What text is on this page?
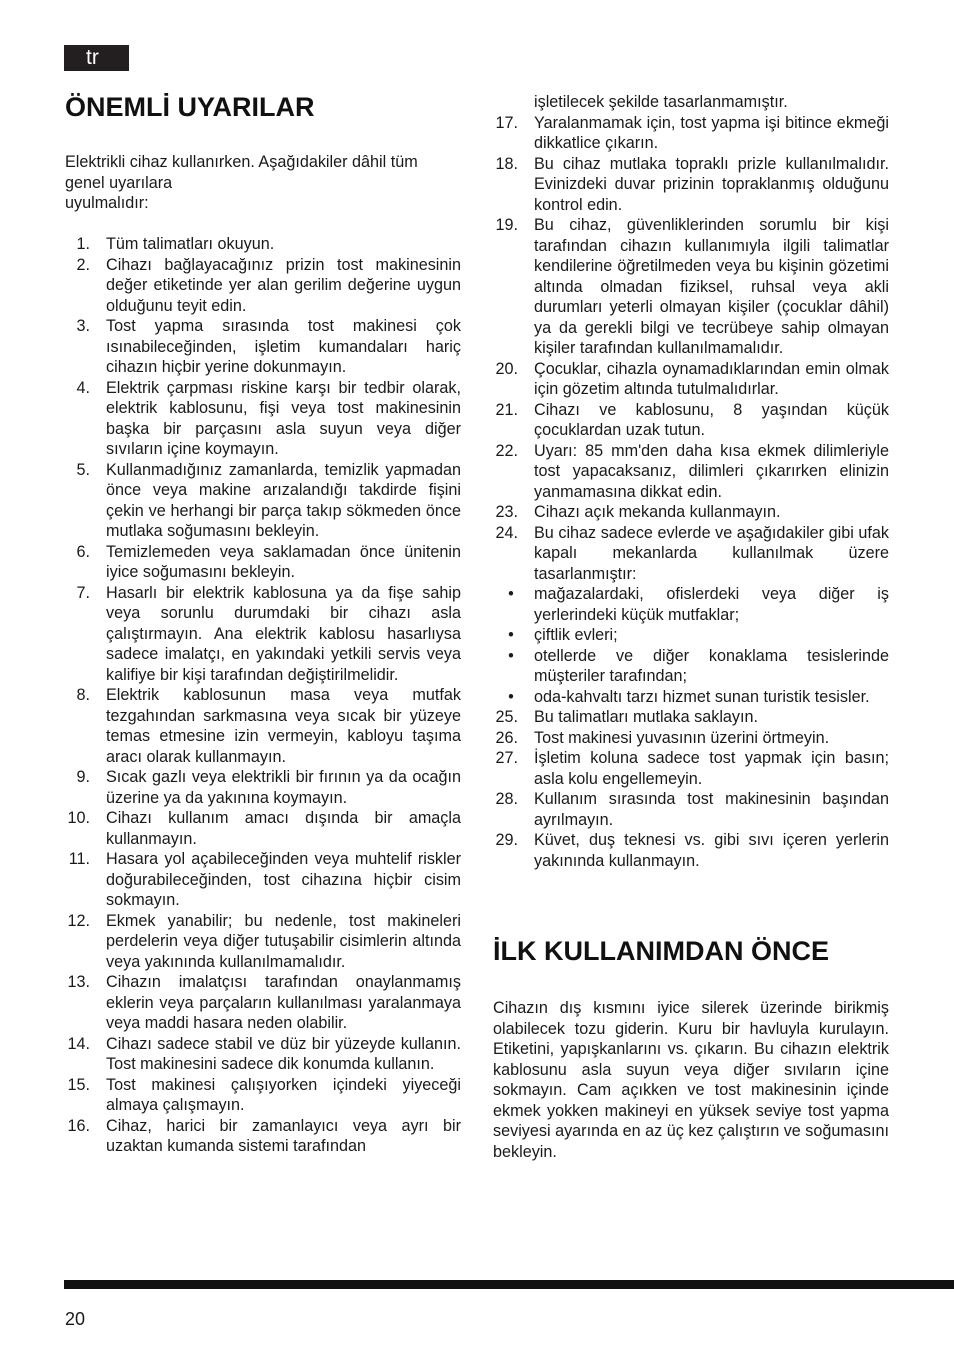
tr
ÖNEMLİ UYARILAR

Elektrikli cihaz kullanırken. Aşağıdakiler dâhil tüm
genel uyarılara
uyulmalıdır:

1. Tüm talimatları okuyun.
2. Cihazı bağlayacağınız prizin tost makinesinin değer etiketinde yer alan gerilim değerine uygun olduğunu teyit edin.
3. Tost yapma sırasında tost makinesi çok ısınabileceğinden, işletim kumandaları hariç cihazın hiçbir yerine dokunmayın.
4. Elektrik çarpması riskine karşı bir tedbir olarak, elektrik kablosunu, fişi veya tost makinesinin başka bir parçasını asla suyun veya diğer sıvıların içine koymayın.
5. Kullanmadığınız zamanlarda, temizlik yapmadan önce veya makine arızalandığı takdirde fişini çekin ve herhangi bir parça takıp sökmeden önce mutlaka soğumasını bekleyin.
6. Temizlemeden veya saklamadan önce ünitenin iyice soğumasını bekleyin.
7. Hasarlı bir elektrik kablosuna ya da fişe sahip veya sorunlu durumdaki bir cihazı asla çalıştırmayın. Ana elektrik kablosu hasarlıysa sadece imalatçı, en yakındaki yetkili servis veya kalifiye bir kişi tarafından değiştirilmelidir.
8. Elektrik kablosunun masa veya mutfak tezgahından sarkmasına veya sıcak bir yüzeye temas etmesine izin vermeyin, kabloyu taşıma aracı olarak kullanmayın.
9. Sıcak gazlı veya elektrikli bir fırının ya da ocağın üzerine ya da yakınına koymayın.
10. Cihazı kullanım amacı dışında bir amaçla kullanmayın.
11. Hasara yol açabileceğinden veya muhtelif riskler doğurabileceğinden, tost cihazına hiçbir cisim sokmayın.
12. Ekmek yanabilir; bu nedenle, tost makineleri perdelerin veya diğer tutuşabilir cisimlerin altında veya yakınında kullanılmamalıdır.
13. Cihazın imalatçısı tarafından onaylanmamış eklerin veya parçaların kullanılması yaralanmaya veya maddi hasara neden olabilir.
14. Cihazı sadece stabil ve düz bir yüzeyde kullanın. Tost makinesini sadece dik konumda kullanın.
15. Tost makinesi çalışıyorken içindeki yiyeceği almaya çalışmayın.
16. Cihaz, harici bir zamanlayıcı veya ayrı bir uzaktan kumanda sistemi tarafından
işletilecek şekilde tasarlanmamıştır.
17. Yaralanmamak için, tost yapma işi bitince ekmeği dikkatlice çıkarın.
18. Bu cihaz mutlaka topraklı prizle kullanılmalıdır. Evinizdeki duvar prizinin topraklanmış olduğunu kontrol edin.
19. Bu cihaz, güvenliklerinden sorumlu bir kişi tarafından cihazın kullanımıyla ilgili talimatlar kendilerine öğretilmeden veya bu kişinin gözetimi altında olmadan fiziksel, ruhsal veya akli durumları yeterli olmayan kişiler (çocuklar dâhil) ya da gerekli bilgi ve tecrübeye sahip olmayan kişiler tarafından kullanılmamalıdır.
20. Çocuklar, cihazla oynamadıklarından emin olmak için gözetim altında tutulmalıdırlar.
21. Cihazı ve kablosunu, 8 yaşından küçük çocuklardan uzak tutun.
22. Uyarı: 85 mm'den daha kısa ekmek dilimleriyle tost yapacaksanız, dilimleri çıkarırken elinizin yanmamasına dikkat edin.
23. Cihazı açık mekanda kullanmayın.
24. Bu cihaz sadece evlerde ve aşağıdakiler gibi ufak kapalı mekanlarda kullanılmak üzere tasarlanmıştır:
•	mağazalardaki, ofislerdeki veya diğer iş yerlerindeki küçük mutfaklar;
•	çiftlik evleri;
•	otellerde ve diğer konaklama tesislerinde müşteriler tarafından;
•	oda-kahvaltı tarzı hizmet sunan turistik tesisler.
25. Bu talimatları mutlaka saklayın.
26. Tost makinesi yuvasının üzerini örtmeyin.
27. İşletim koluna sadece tost yapmak için basın; asla kolu engellemeyin.
28. Kullanım sırasında tost makinesinin başından ayrılmayın.
29. Küvet, duş teknesi vs. gibi sıvı içeren yerlerin yakınında kullanmayın.
İLK KULLANIMDAN ÖNCE

Cihazın dış kısmını iyice silerek üzerinde birikmiş olabilecek tozu giderin. Kuru bir havluyla kurulayın. Etiketini, yapışkanlarını vs. çıkarın. Bu cihazın elektrik kablosunu asla suyun veya diğer sıvıların içine sokmayın. Cam açıkken ve tost makinesinin içinde ekmek yokken makineyi en yüksek seviye tost yapma seviyesi ayarında en az üç kez çalıştırın ve soğumasını bekleyin.

20
